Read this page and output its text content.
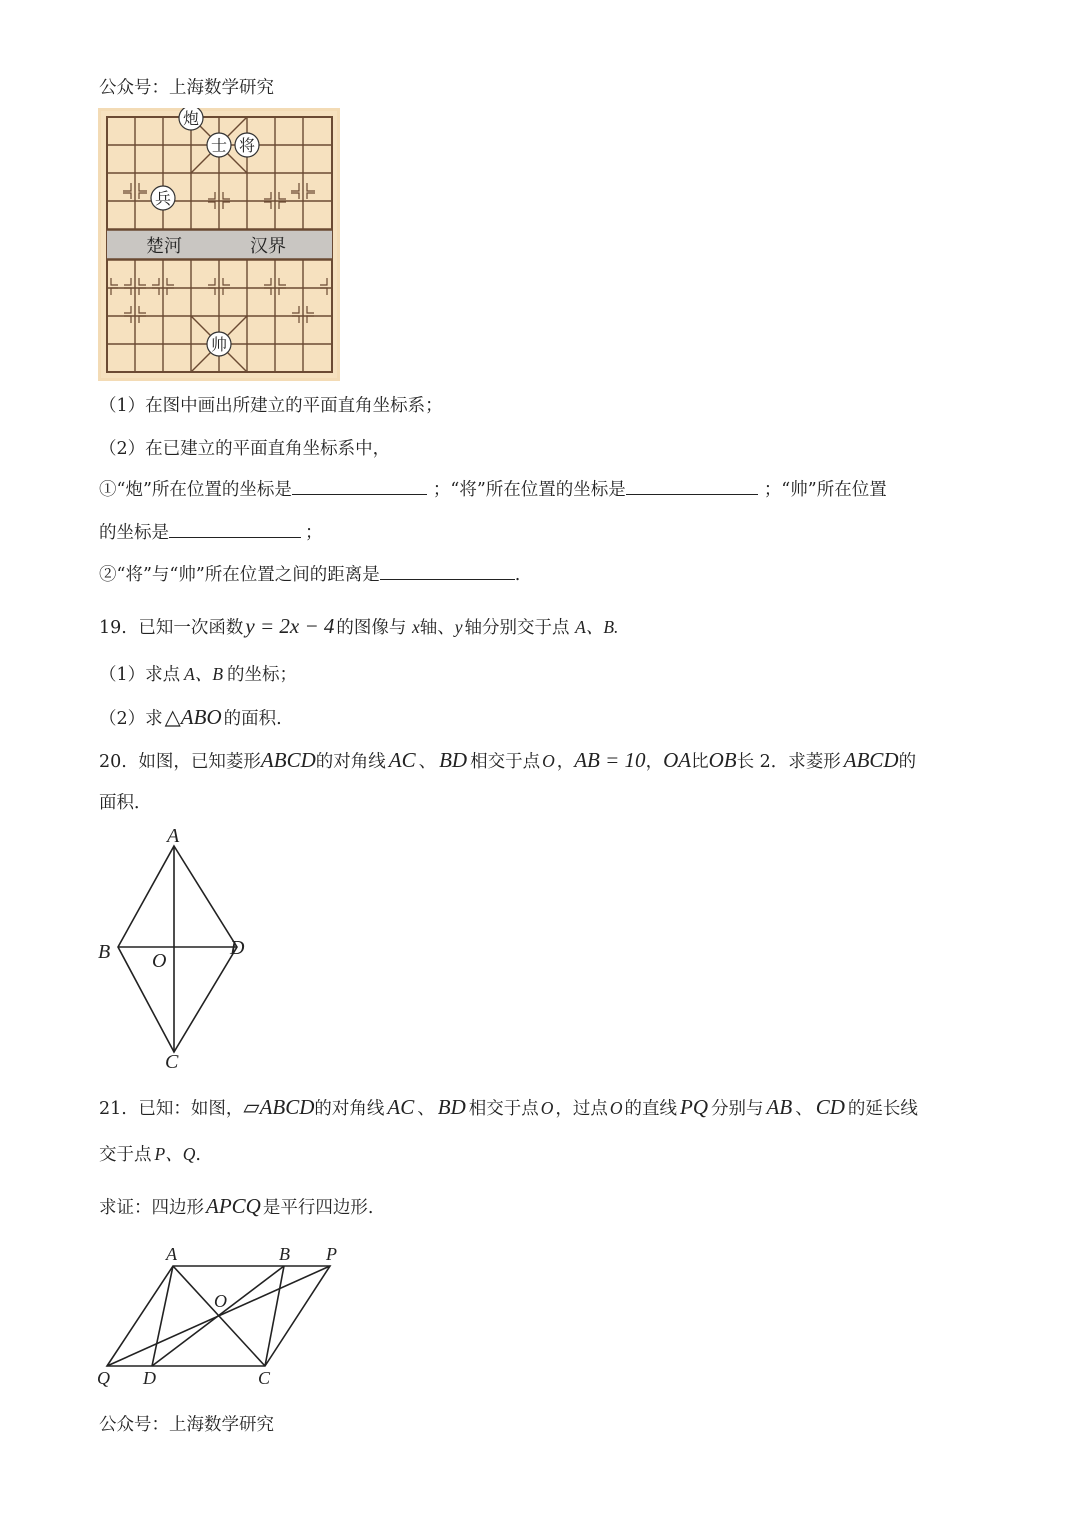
公众号：上海数学研究
楚河	汉界
炮
士 将
兵
帅
（1）在图中画出所建立的平面直角坐标系；
（2）在已建立的平面直角坐标系中，
①“炮”所在位置的坐标是	；“将”所在位置的坐标是	；“帅”所在位置
的坐标是	；
②“将”与“帅”所在位置之间的距离是	.
19. 已知一次函数y = 2x − 4 的图像与 x轴、y 轴分别交于点 A、B.
（1）求点 A、B 的坐标；
（2）求△ABO 的面积.
20. 如图，已知菱形ABCD的对角线 AC 、 BD 相交于点 O ，AB = 10，OA比OB长 2．求菱形 ABCD的
面积．
A
B	D
O
C
21. 已知：如图，▱ABCD的对角线 AC 、 BD 相交于点 O ，过点 O 的直线 PQ 分别与 AB 、 CD 的延长线
交于点 P、Q.
求证：四边形APCQ 是平行四边形.
A	B P
O
Q D	C
公众号：上海数学研究
